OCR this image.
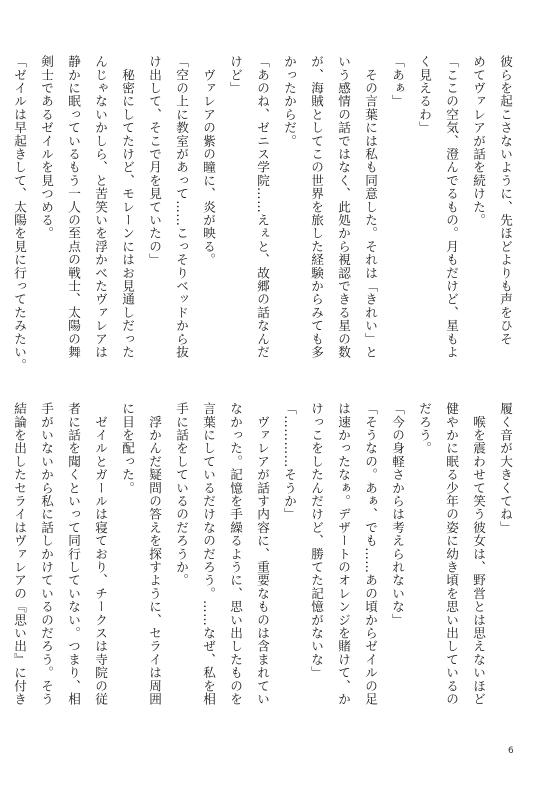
彼らを起こさないように、先ほどよりも声をひそ

めてヴァレアが話を続けた。

「ここの空気、澄んでるもの。月もだけど、星もよ

く見えるわ」

「あぁ」

　その言葉には私も同意した。それは「きれい」と

いう感情の話ではなく、此処から視認できる星の数

が、海賊としてこの世界を旅した経験からみても多

かったからだ。

「あのね、ゼニス学院……えぇと、故郷の話なんだ

けど」

　ヴァレアの紫の瞳に、炎が映る。

「空の上に教室があって……こっそりベッドから抜

け出して、そこで月を見ていたの」

　秘密にしてたけど、モレーンにはお見通しだった

んじゃないかしら、と苦笑いを浮かべたヴァレアは

静かに眠っているもう一人の至点の戦士、太陽の舞

剣士であるゼイルを見つめる。

「ゼイルは早起きして、太陽を見に行ってたみたい。

履く音が大きくてね」

　喉を震わせて笑う彼女は、野営とは思えないほど

健やかに眠る少年の姿に幼き頃を思い出しているの

だろう。

「今の身軽さからは考えられないな」

「そうなの。あぁ、でも……あの頃からゼイルの足

は速かったなぁ。デザートのオレンジを賭けて、か

けっこをしたんだけど、勝てた記憶がないな」

「…………そうか」

　ヴァレアが話す内容に、重要なものは含まれてい

なかった。記憶を手繰るように、思い出したものを

言葉にしているだけなのだろう。……なぜ、私を相

手に話をしているのだろうか。

　浮かんだ疑問の答えを探すように、セライは周囲

に目を配った。

　ゼイルとガールは寝ており、チークスは寺院の従

者に話を聞くといって同行していない。つまり、相

手がいないから私に話しかけているのだろう。そう

結論を出したセライはヴァレアの『思い出』に付き

6
